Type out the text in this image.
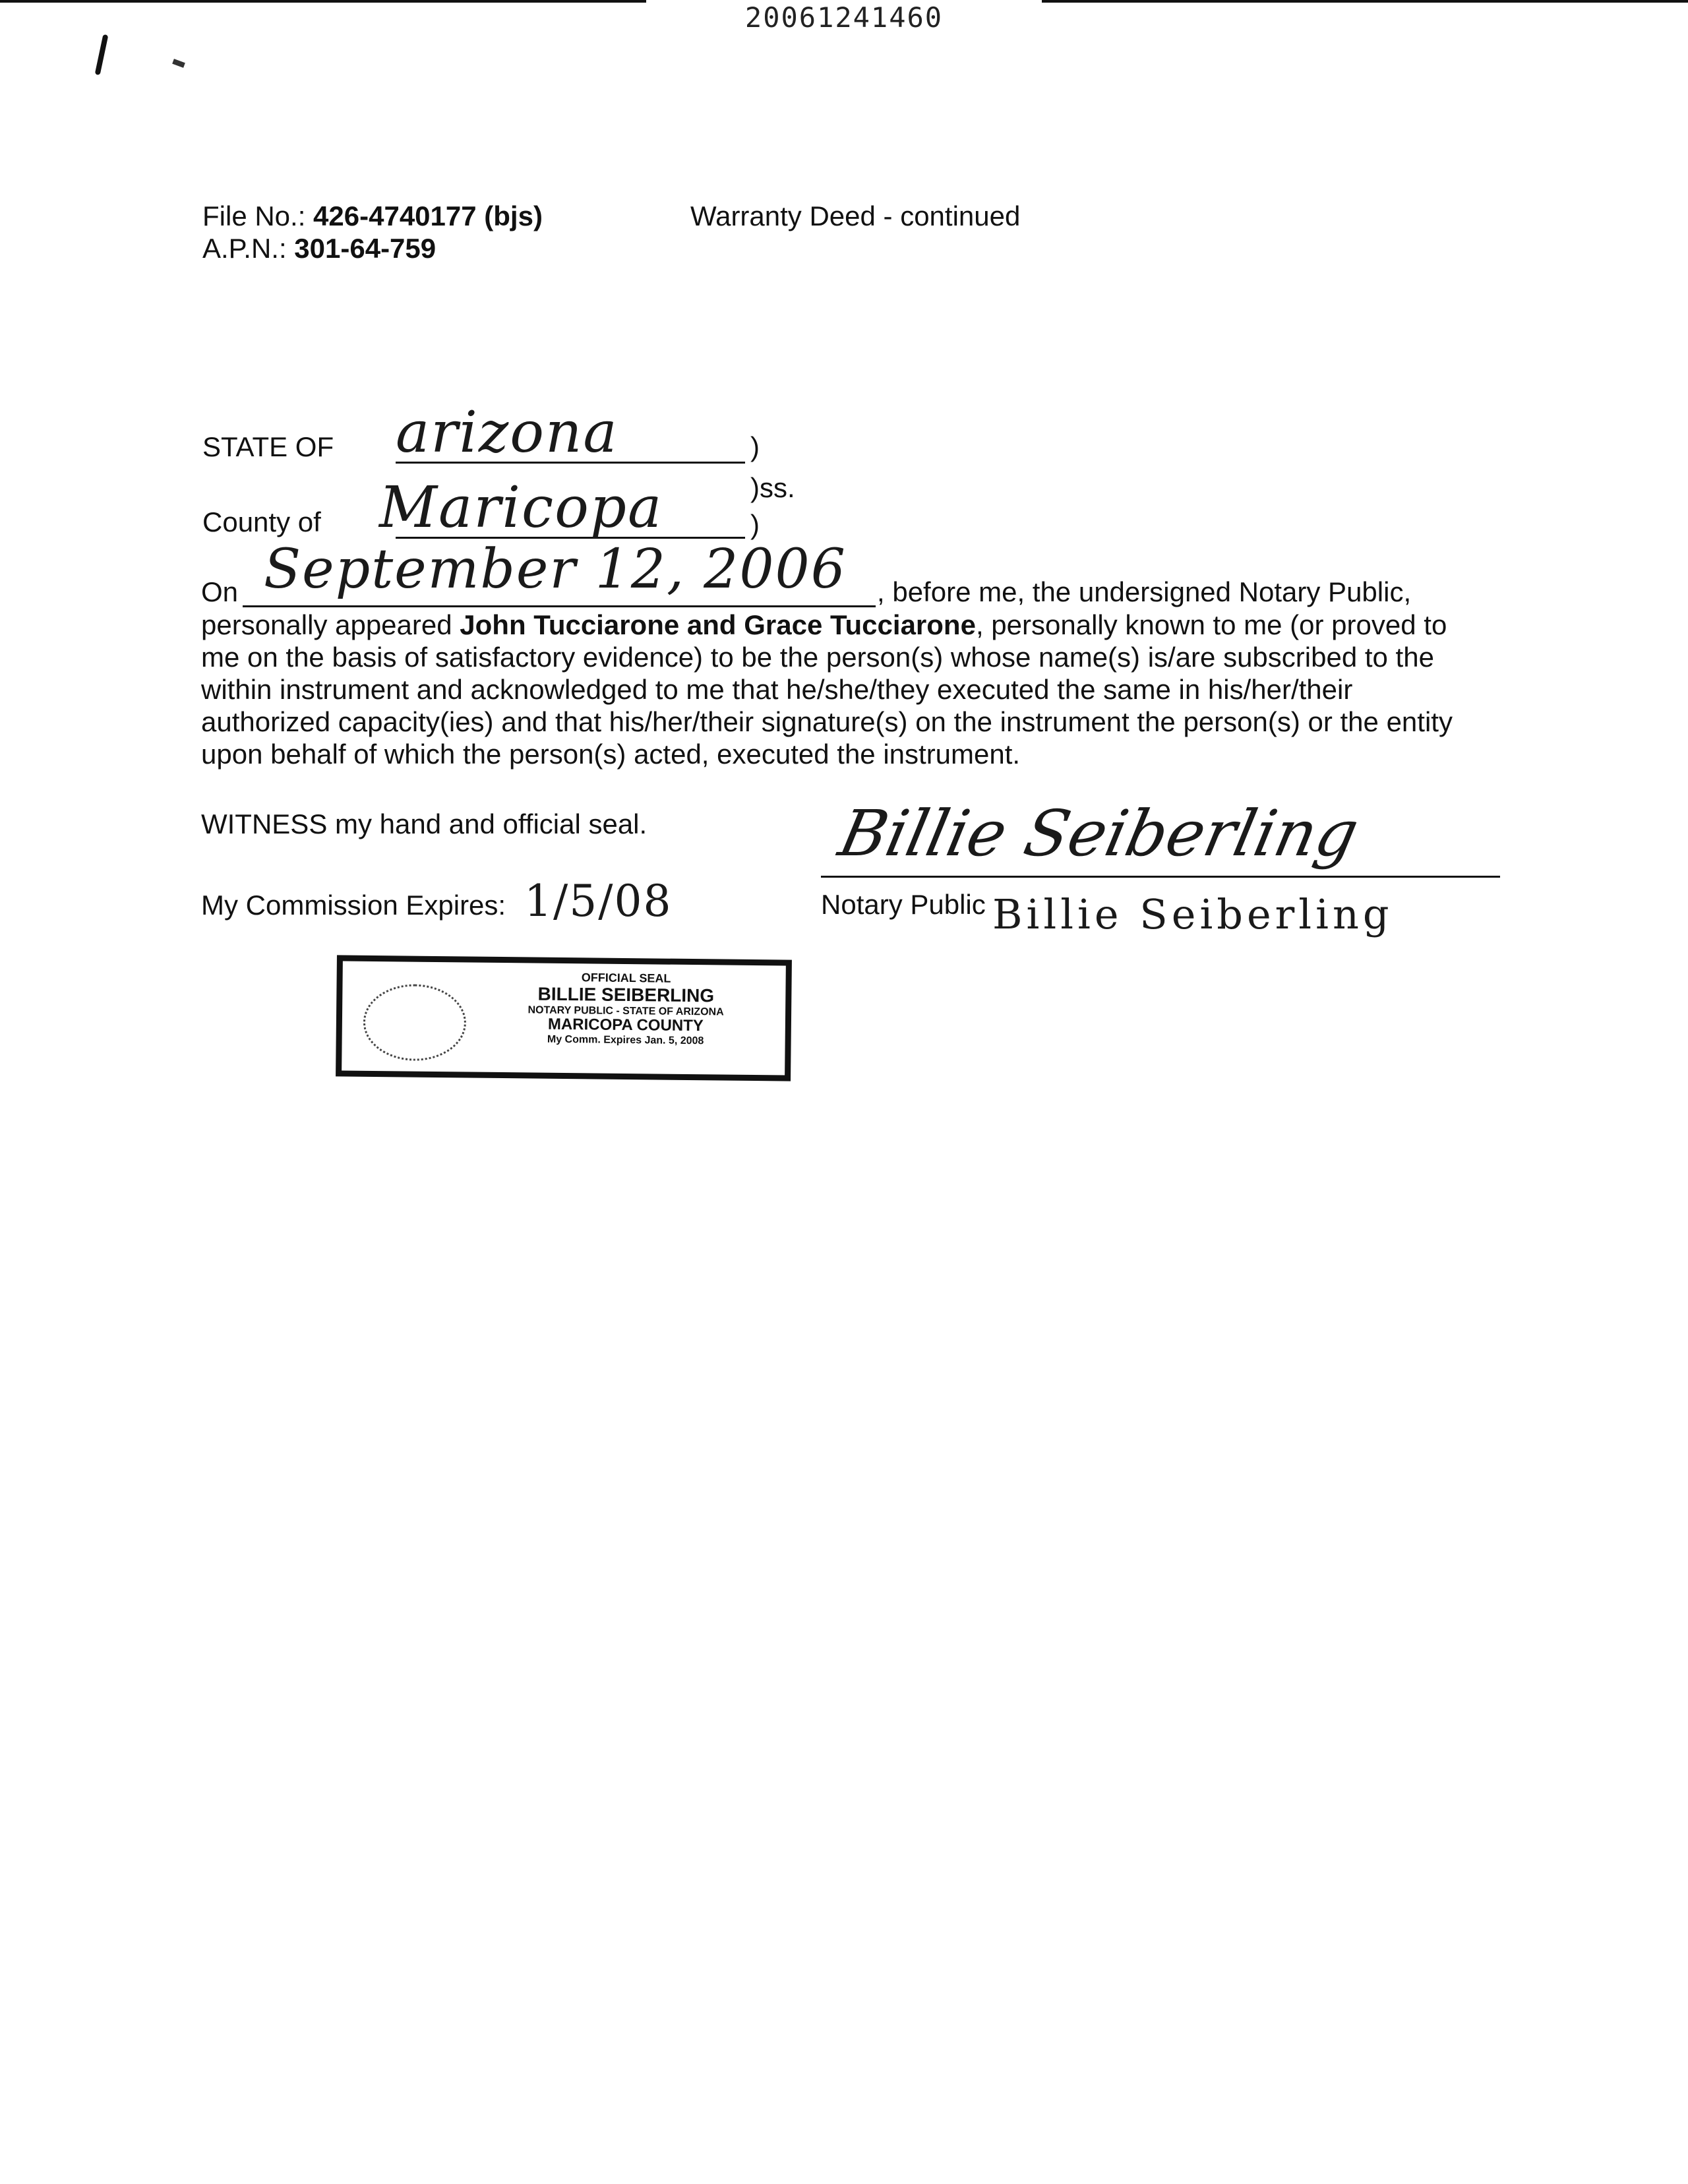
20061241460
File No.: 426-4740177 (bjs)
A.P.N.: 301-64-759
Warranty Deed - continued
STATE OF arizona	)
)ss.
County of Maricopa	)
On September 12, 2006 , before me, the undersigned Notary Public,

personally appeared John Tucciarone and Grace Tucciarone, personally known to me (or proved to

me on the basis of satisfactory evidence) to be the person(s) whose name(s) is/are subscribed to the

within instrument and acknowledged to me that he/she/they executed the same in his/her/their

authorized capacity(ies) and that his/her/their signature(s) on the instrument the person(s) or the entity

upon behalf of which the person(s) acted, executed the instrument.

WITNESS my hand and official seal.	Billie Seiberling
My Commission Expires: 1/5/08	Notary Public Billie Seiberling
OFFICIAL SEAL
BILLIE SEIBERLING
NOTARY PUBLIC - STATE OF ARIZONA
MARICOPA COUNTY
My Comm. Expires Jan. 5, 2008
